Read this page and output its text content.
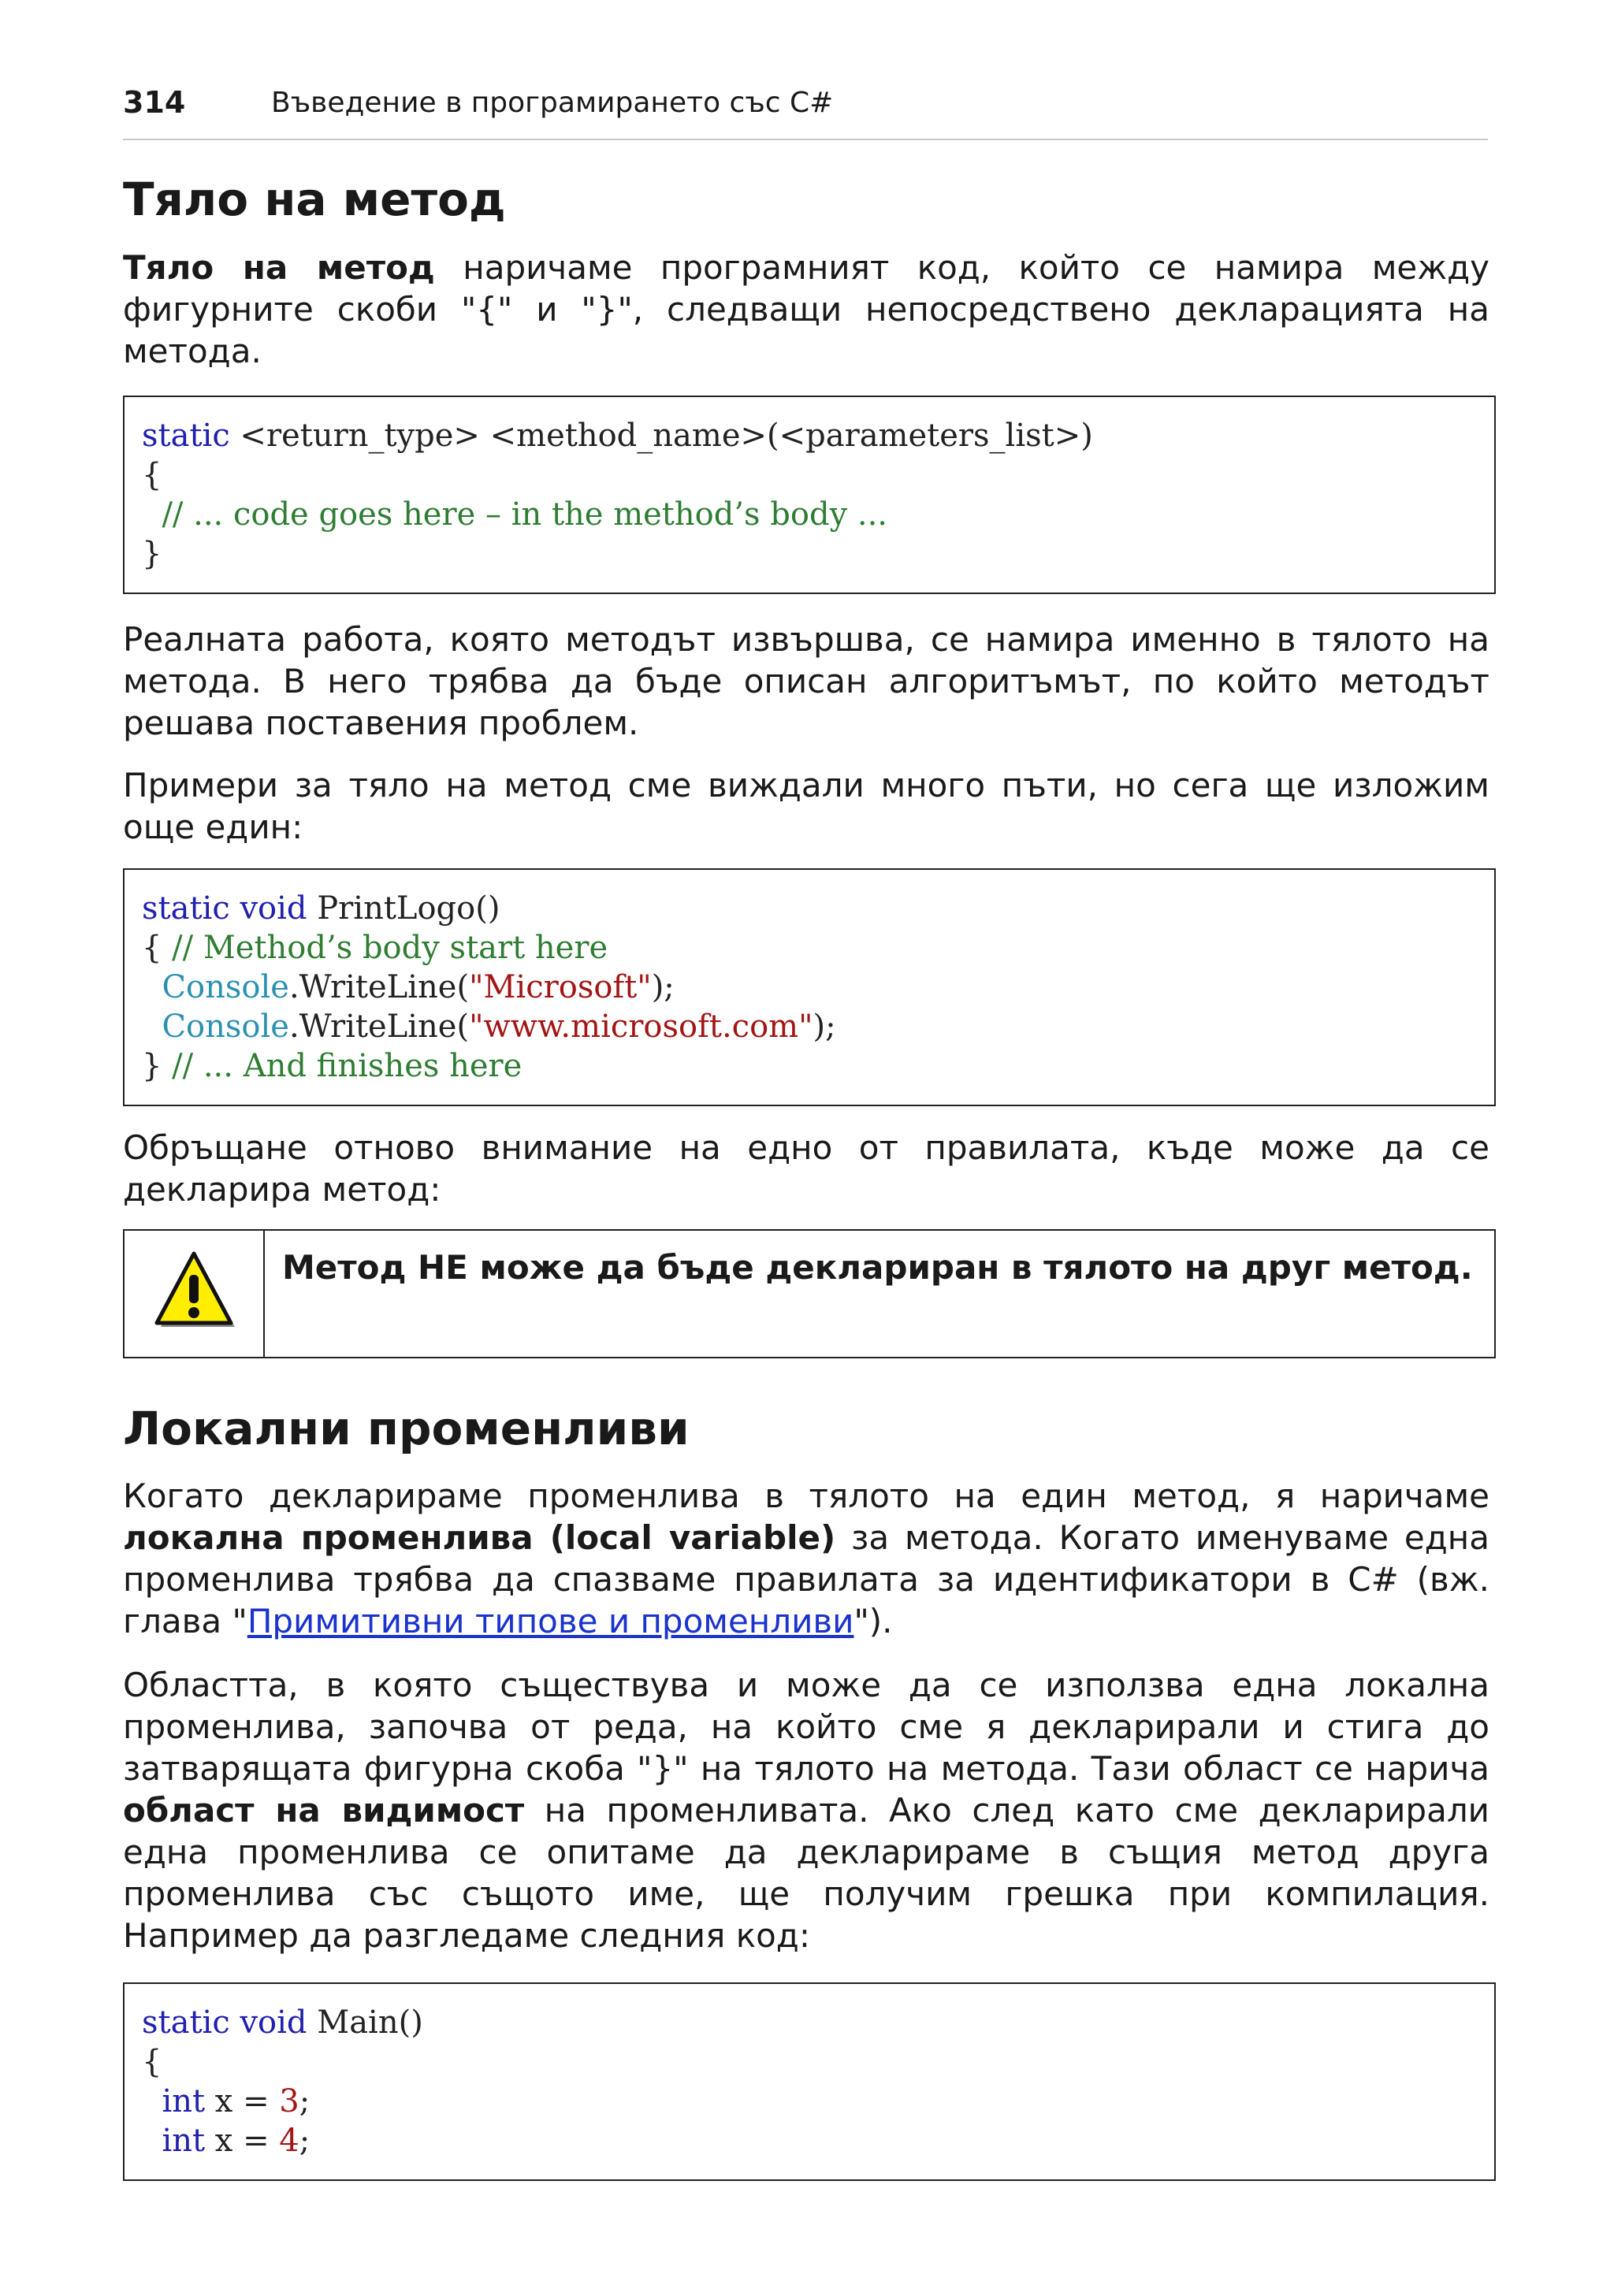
314	Въведение в програмирането със C#
Тяло на метод

Тяло на метод наричаме програмният код, който се намира между фигурните скоби "{" и "}", следващи непосредствено декларацията на метода.

static <return_type> <method_name>(<parameters_list>)
{
// ... code goes here – in the method’s body ...
}

Реалната работа, която методът извършва, се намира именно в тялото на метода. В него трябва да бъде описан алгоритъмът, по който методът решава поставения проблем.

Примери за тяло на метод сме виждали много пъти, но сега ще изложим още един:

static void PrintLogo()
{ // Method’s body start here
Console.WriteLine("Microsoft");
Console.WriteLine("www.microsoft.com");
} // ... And finishes here

Обръщане отново внимание на едно от правилата, къде може да се декларира метод:

Метод НЕ може да бъде деклариран в тялото на друг метод.
Локални променливи

Когато декларираме променлива в тялото на един метод, я наричаме локална променлива (local variable) за метода. Когато именуваме една променлива трябва да спазваме правилата за идентификатори в C# (вж. глава "Примитивни типове и променливи").

Областта, в която съществува и може да се използва една локална променлива, започва от реда, на който сме я декларирали и стига до затварящата фигурна скоба "}" на тялото на метода. Тази област се нарича област на видимост на променливата. Ако след като сме декларирали една променлива се опитаме да декларираме в същия метод друга променлива със същото име, ще получим грешка при компилация. Например да разгледаме следния код:

static void Main()
{
int x = 3;
int x = 4;
